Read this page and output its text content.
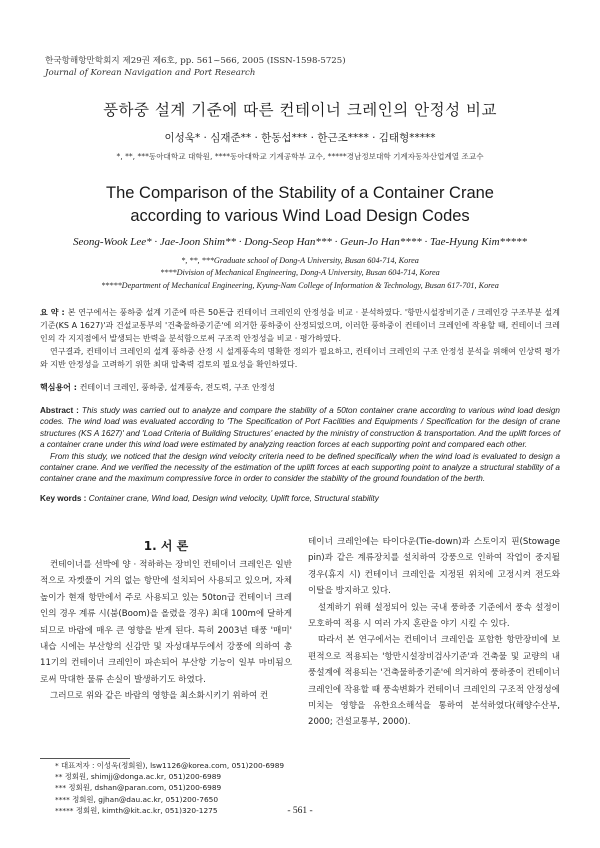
한국항해항만학회지 제29권 제6호, pp. 561~566, 2005 (ISSN-1598-5725)
Journal of Korean Navigation and Port Research
풍하중 설계 기준에 따른 컨테이너 크레인의 안정성 비교
이성욱* · 심재준** · 한동섭*** · 한근조**** · 김태형*****
*, **, ***동아대학교 대학원, ****동아대학교 기계공학부 교수, *****경남정보대학 기계자동차산업계열 조교수
The Comparison of the Stability of a Container Crane
according to various Wind Load Design Codes
Seong-Wook Lee* · Jae-Joon Shim** · Dong-Seop Han*** · Geun-Jo Han**** · Tae-Hyung Kim*****
*, **, ***Graduate school of Dong-A University, Busan 604-714, Korea
****Division of Mechanical Engineering, Dong-A University, Busan 604-714, Korea
*****Department of Mechanical Engineering, Kyung-Nam College of Information & Technology, Busan 617-701, Korea
요 약 : 본 연구에서는 풍하중 설계 기준에 따른 50톤급 컨테이너 크레인의 안정성을 비교 · 분석하였다. '항만시설장비기준 / 크레인강 구조부분 설계 기준(KS A 1627)'과 건설교통부의 '건축물하중기준'에 의거한 풍하중이 산정되었으며, 이러한 풍하중이 컨테이너 크레인에 작용할 때, 컨테이너 크레인의 각 지지점에서 발생되는 반력을 분석함으로써 구조적 안정성을 비교 · 평가하였다.
연구결과, 컨테이너 크레인의 설계 풍하중 산정 시 설계풍속의 명확한 정의가 필요하고, 컨테이너 크레인의 구조 안정성 분석을 위해여 인상력 평가와 지반 안정성을 고려하기 위한 최대 압축력 검토의 필요성을 확인하였다.
핵심용어 : 컨테이너 크레인, 풍하중, 설계풍속, 전도력, 구조 안정성
Abstract : This study was carried out to analyze and compare the stability of a 50ton container crane according to various wind load design codes. The wind load was evaluated according to 'The Specification of Port Facilities and Equipments / Specification for the design of crane structures (KS A 1627)' and 'Load Criteria of Building Structures' enacted by the ministry of construction & transportation. And the uplift forces of a container crane under this wind load were estimated by analyzing reaction forces at each supporting point and compared each other.
From this study, we noticed that the design wind velocity criteria need to be defined specifically when the wind load is evaluated to design a container crane. And we verified the necessity of the estimation of the uplift forces at each supporting point to analyze a structural stability of a container crane and the maximum compressive force in order to consider the stability of the ground foundation of the berth.
Key words : Container crane, Wind load, Design wind velocity, Uplift force, Structural stability
1. 서 론

컨테이너를 선박에 양 · 적하하는 장비인 컨테이너 크레인은 일반적으로 자켓풀이 거의 없는 항만에 설치되어 사용되고 있으며, 자체 높이가 현재 항만에서 주로 사용되고 있는 50ton급 컨테이너 크레인의 경우 계류 시(붐(Boom)을 올렸을 경우) 최대 100m에 달하게 되므로 바람에 매우 큰 영향을 받게 된다. 특히 2003년 태풍 '매미' 내습 시에는 부산항의 신감만 및 자성대부두에서 강풍에 의하여 총 11기의 컨테이너 크레인이 파손되어 부산항 기능이 일부 마비됨으로써 막대한 물류 손실이 발생하기도 하였다.

그러므로 위와 같은 바람의 영향을 최소화시키기 위하여 컨

테이너 크레인에는 타이다운(Tie-down)과 스토이지 핀(Stowage pin)과 같은 계류장치를 설치하여 강풍으로 인하여 작업이 중지될 경우(휴지 시) 컨테이너 크레인을 지정된 위치에 고정시켜 전도와 이탈을 방지하고 있다.

설계하기 위해 설정되어 있는 국내 풍하중 기준에서 풍속 설정이 모호하여 적용 시 여러 가지 혼란을 야기 시킬 수 있다.

따라서 본 연구에서는 컨테이너 크레인을 포함한 항만장비에 보편적으로 적용되는 '항만시설장비검사기준'과 건축물 및 교량의 내풍설계에 적용되는 '건축물하중기준'에 의거하여 풍하중이 컨테이너 크레인에 작용할 때 풍속변화가 컨테이너 크레인의 구조적 안정성에 미치는 영향을 유한요소해석을 통하여 분석하였다(해양수산부, 2000; 건설교통부, 2000).

* 대표저자 : 이성욱(정회원), lsw1126@korea.com, 051)200-6989
** 정회원, shimjj@donga.ac.kr, 051)200-6989
*** 정회원, dshan@paran.com, 051)200-6989
**** 정회원, gjhan@dau.ac.kr, 051)200-7650
***** 정회원, kimth@kit.ac.kr, 051)320-1275	- 561 -
